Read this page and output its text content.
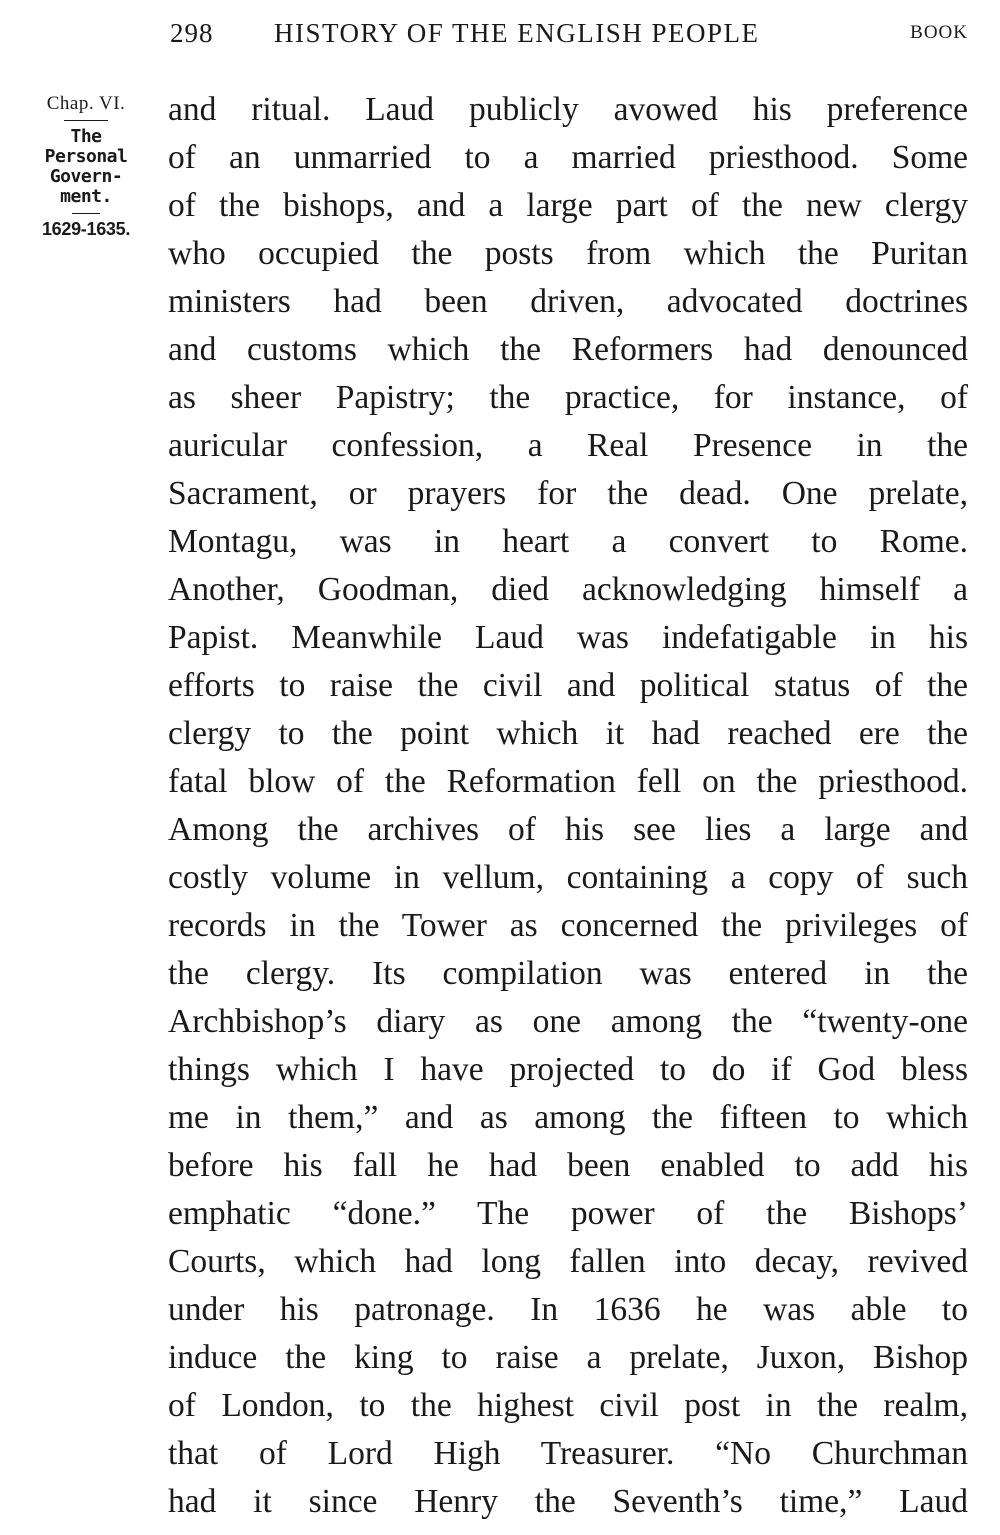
298 HISTORY OF THE ENGLISH PEOPLE	BOOK
Chap. VI.
The
Personal
Govern-
ment.
1629-1635.
and ritual. Laud publicly avowed his preference
of an unmarried to a married priesthood. Some
of the bishops, and a large part of the new clergy
who occupied the posts from which the Puritan
ministers had been driven, advocated doctrines
and customs which the Reformers had denounced
as sheer Papistry; the practice, for instance, of
auricular confession, a Real Presence in the
Sacrament, or prayers for the dead. One prelate,
Montagu, was in heart a convert to Rome.
Another, Goodman, died acknowledging himself a
Papist. Meanwhile Laud was indefatigable in his
efforts to raise the civil and political status of the
clergy to the point which it had reached ere the
fatal blow of the Reformation fell on the priesthood.
Among the archives of his see lies a large and
costly volume in vellum, containing a copy of such
records in the Tower as concerned the privileges of
the clergy. Its compilation was entered in the
Archbishop’s diary as one among the “twenty-one
things which I have projected to do if God bless
me in them,” and as among the fifteen to which
before his fall he had been enabled to add his
emphatic “done.” The power of the Bishops’
Courts, which had long fallen into decay, revived
under his patronage. In 1636 he was able to
induce the king to raise a prelate, Juxon, Bishop
of London, to the highest civil post in the realm,
that of Lord High Treasurer. “No Churchman
had it since Henry the Seventh’s time,” Laud
